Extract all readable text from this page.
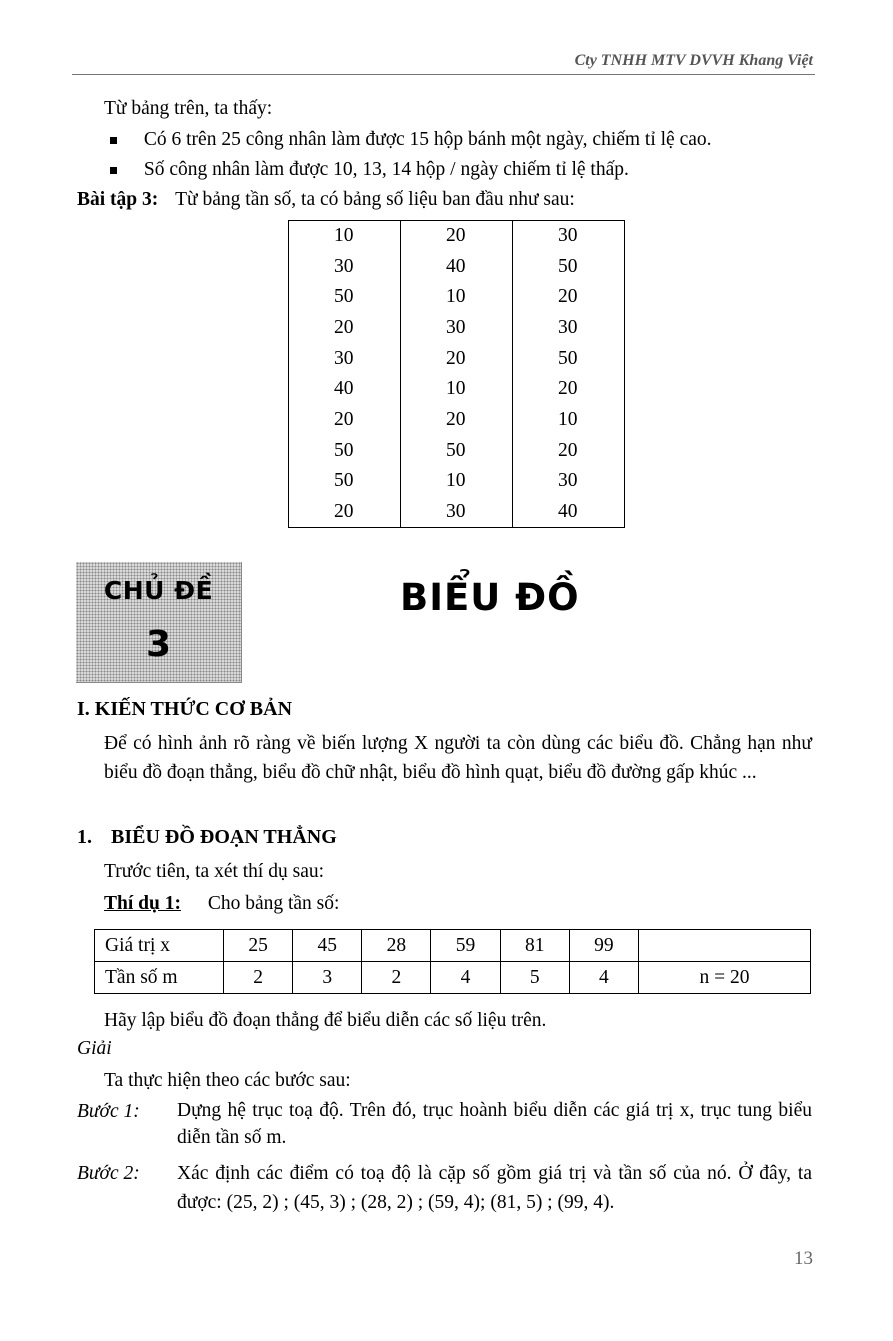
Cty TNHH MTV DVVH Khang Việt
Từ bảng trên, ta thấy:
Có 6 trên 25 công nhân làm được 15 hộp bánh một ngày, chiếm tỉ lệ cao.
Số công nhân làm được 10, 13, 14 hộp / ngày chiếm tỉ lệ thấp.
Bài tập 3: Từ bảng tần số, ta có bảng số liệu ban đầu như sau:
10	20	30
30	40	50
50	10	20
20	30	30
30	20	50
40	10	20
20	20	10
50	50	20
50	10	30
20	30	40
CHỦ ĐỀ
3
BIỂU ĐỒ
I. KIẾN THỨC CƠ BẢN
Để có hình ảnh rõ ràng về biến lượng X người ta còn dùng các biểu đồ. Chẳng hạn như biểu đồ đoạn thẳng, biểu đồ chữ nhật, biểu đồ hình quạt, biểu đồ đường gấp khúc ...
1. BIỂU ĐỒ ĐOẠN THẲNG
Trước tiên, ta xét thí dụ sau:
Thí dụ 1: Cho bảng tần số:
Giá trị x	25	45	28	59	81	99	
Tần số m	2	3	2	4	5	4	n = 20
Hãy lập biểu đồ đoạn thẳng để biểu diễn các số liệu trên.
Giải
Ta thực hiện theo các bước sau:
Bước 1: Dựng hệ trục toạ độ. Trên đó, trục hoành biểu diễn các giá trị x, trục tung biểu diễn tần số m.
Bước 2: Xác định các điểm có toạ độ là cặp số gồm giá trị và tần số của nó. Ở đây, ta được: (25, 2) ; (45, 3) ; (28, 2) ; (59, 4); (81, 5) ; (99, 4).
13
